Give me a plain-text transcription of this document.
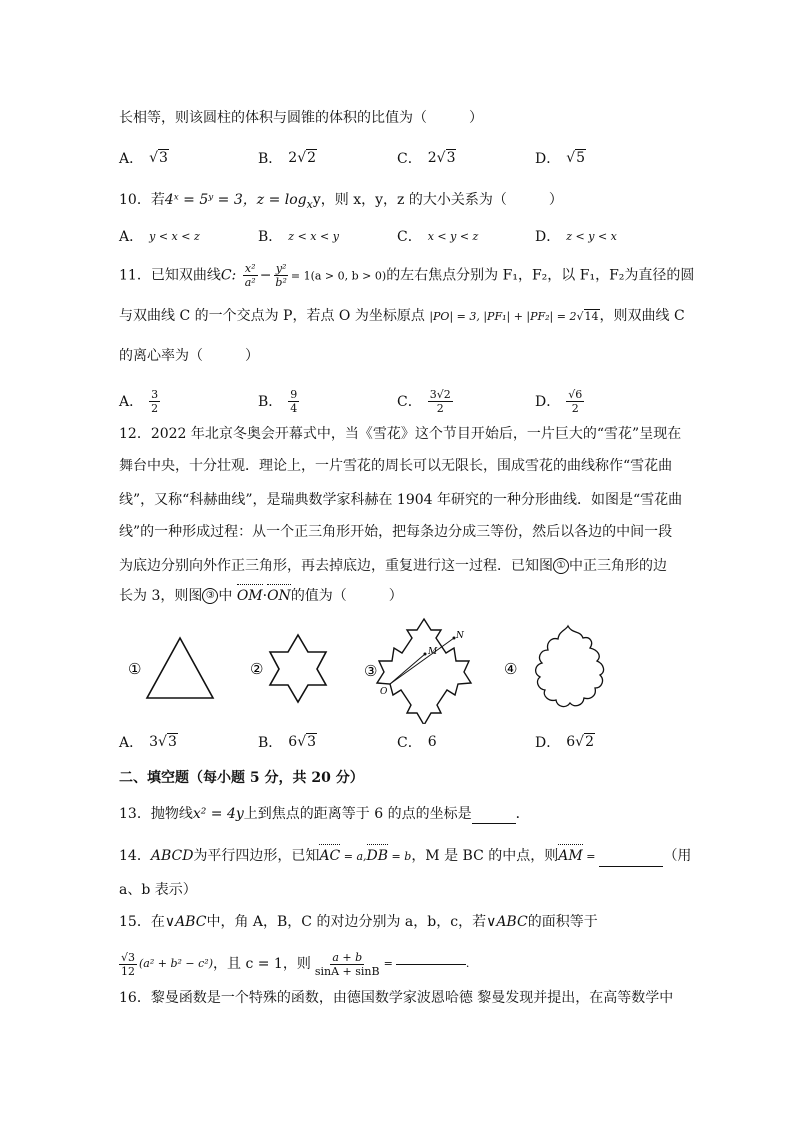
长相等，则该圆柱的体积与圆锥的体积的比值为（　　　）
A． √3	B． 2 √2	C． 2 √3	D． √5
10．若4ˣ = 5ʸ = 3，$z = \log_xy$，则 x，y，z 的大小关系为（　　　）
A． y < x < z	B． z < x < y	C． x < y < z	D． z < y < x
11．已知双曲线C: $\frac{\text{x²}}{\text{a²}} - \frac{\text{y²}}{\text{b²}} = 1(a > 0$, b > 0)的左右焦点分别为 F₁，F₂，以 F₁，F₂为直径的圆
与双曲线 C 的一个交点为 P，若点 O 为坐标原点 |PO| = 3, |PF₁| + |PF₂| = 2√14，则双曲线 C
的离心率为（　　　）
A． $\frac{3}{2}$	B． $\frac{9}{4}$	C． $\frac{3√2}{2}$	D． $\frac{√6}{2}$
12．2022 年北京冬奥会开幕式中，当《雪花》这个节目开始后，一片巨大的“雪花”呈现在
舞台中央，十分壮观．理论上，一片雪花的周长可以无限长，围成雪花的曲线称作“雪花曲
线”，又称“科赫曲线”，是瑞典数学家科赫在 1904 年研究的一种分形曲线．如图是“雪花曲
线”的一种形成过程：从一个正三角形开始，把每条边分成三等份，然后以各边的中间一段
为底边分别向外作正三角形，再去掉底边，重复进行这一过程．已知图 ① 中正三角形的边
长为 3，则图 ③ 中 OM·ON的值为（　　　）
①	②	③
M
N
O
④
A． 3 √3	B． 6 √3	C． 6	D． 6 √2
二、填空题（每小题 5 分，共 20 分）
13．抛物线x² = 4y上到焦点的距离等于 6 的点的坐标是	．
14．ABCD为平行四边形，已知AC = a,DB = b，M 是 BC 的中点，则AM =	（用
a、b 表示）
15．在∨ABC中，角 A，B，C 的对边分别为 a，b，c，若∨ABC的面积等于
$\frac{√3}{12} (a^2 + b^2 - c^2)$ ，且 c = 1，则 $\frac{a + b}{\sin A + \sin B}$ =	.
16．黎曼函数是一个特殊的函数，由德国数学家波恩哈德 黎曼发现并提出，在高等数学中
